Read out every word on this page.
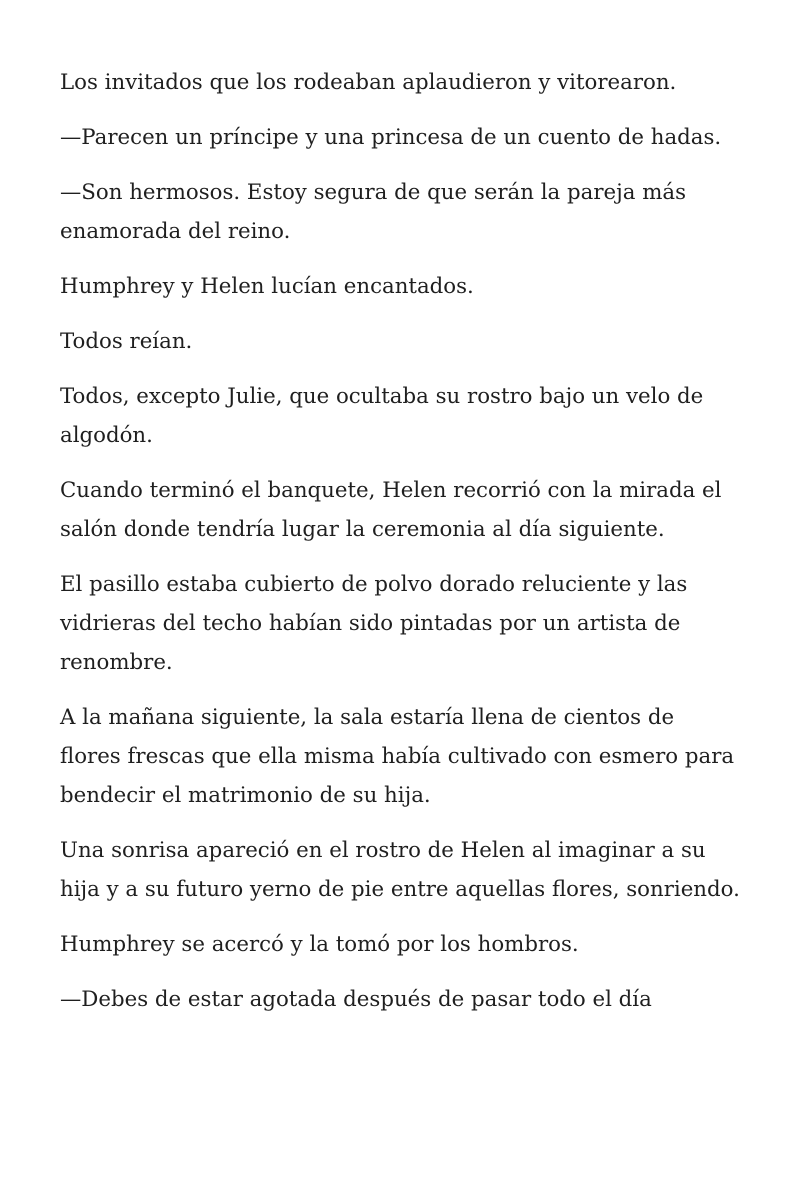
Los invitados que los rodeaban aplaudieron y vitorearon.

—Parecen un príncipe y una princesa de un cuento de hadas.

—Son hermosos. Estoy segura de que serán la pareja más enamorada del reino.

Humphrey y Helen lucían encantados.

Todos reían.

Todos, excepto Julie, que ocultaba su rostro bajo un velo de algodón.

Cuando terminó el banquete, Helen recorrió con la mirada el salón donde tendría lugar la ceremonia al día siguiente.

El pasillo estaba cubierto de polvo dorado reluciente y las vidrieras del techo habían sido pintadas por un artista de renombre.

A la mañana siguiente, la sala estaría llena de cientos de flores frescas que ella misma había cultivado con esmero para bendecir el matrimonio de su hija.

Una sonrisa apareció en el rostro de Helen al imaginar a su hija y a su futuro yerno de pie entre aquellas flores, sonriendo.

Humphrey se acercó y la tomó por los hombros.

—Debes de estar agotada después de pasar todo el día
